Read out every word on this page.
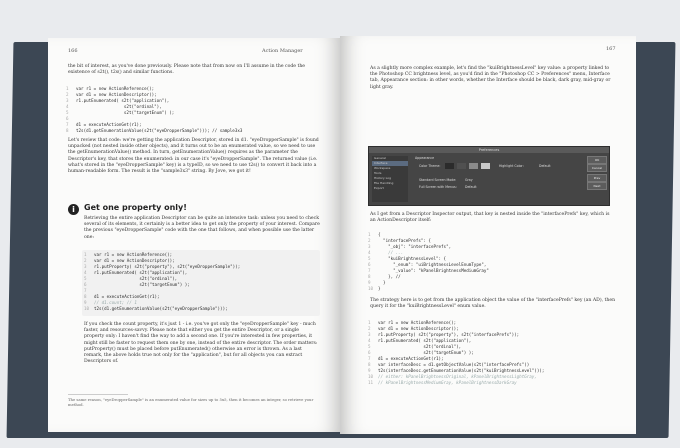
166	Action Manager
the bit of interest, as you've done previously. Please note that from now on I'll assume in the code the existence of s2t(), t2s() and similar functions.
1 var r1 = new ActionReference();
2 var d1 = new ActionDescriptor();
3 r1.putEnumerated( s2t("application"),
4                   s2t("ordinal"),
5                   s2t("targetEnum") );
6
7 d1 = executeActionGet(r1);
8 t2s(d1.getEnumerationValue(s2t("eyeDropperSample"))); // sample3x3
Let's review that code: we're getting the application Descriptor, stored in d1. "eyeDropperSample" is found unpacked (not nested inside other objects), and it turns out to be an enumerated value, so we need to use the getEnumerationValue() method. In turn, getEnumerationValue() requires as the parameter the Descriptor's key, that stores the enumerated: in our case it's "eyeDropperSample". The returned value (i.e. what's stored in the "eyeDropperSample" key) is a typeID, so we need to use t2s() to convert it back into a human-readable form. The result is the "sample3x3" string. By Jove, we got it!
i	Get one property only!
Retrieving the entire application Descriptor can be quite an intensive task: unless you need to check several of its elements, it certainly is a better idea to get only the property of your interest. Compare the previous "eyeDropperSample" code with the one that follows, and when possible use the latter one:
1 var r1 = new ActionReference();
2 var d1 = new ActionDescriptor();
3 r1.putProperty( s2t("property"), s2t("eyeDropperSample"));
4 r1.putEnumerated( s2t("application"),
5                  s2t("ordinal"),
6                  s2t("targetEnum") );
7
8 d1 = executeActionGet(r1);
9 // d1.count; // 1
10 t2s(d1.getEnumerationValue(s2t("eyeDropperSample")));
If you check the count property, it's just 1 - i.e. you've got only the "eyeDropperSample" key - much faster, and resources-savvy. Please note that either you get the entire Descriptor, or a single property only: I haven't find the way to add a second one. If you're interested in few properties, it might still be faster to request them one by one, instead of the entire descriptor. The order matters: putProperty() must be placed before putEnumerated() otherwise an error is thrown. As a last remark, the above holds true not only for the "application", but for all objects you can extract Descriptors of.
The same reason, "eyeDropperSample" is an enumerated value for sizes up to 5x5, then it becomes an integer, so retrieve your method.
167
As a slightly more complex example, let's find the "kuiBrightnessLevel" key value: a property linked to the Photoshop CC brightness level, as you'd find in the "Photoshop CC > Preferences" menu, Interface tab, Appearance section: in other words, whether the Interface should be black, dark gray, mid-gray or light gray.
Preferences
General
Interface
Workspace
Tools
History Log
File Handling
Export
Appearance
Color Theme:	Highlight Color:	Default
Standard Screen Mode:	Gray
Full Screen with Menus:	Default
OK
Cancel
Prev
Next
As I get from a Descriptor Inspector output, that key is nested inside the "interfacePrefs" key, which is an ActionDescriptor itself:
1 {
2  "interfacePrefs": {
3    "_obj": "interfacePrefs",
4    // ...
5    "kuiBrightnessLevel": {
6      "_enum": "uiBrightnessLevelEnumType",
7      "_value": "kPanelBrightnessMediumGray"
8    }, //
9  }
10 }
The strategy here is to get from the application object the value of the "interfacePrefs" key (an AD), then query it for the "kuiBrightnessLevel" enum value.
1 var r1 = new ActionReference();
2 var d1 = new ActionDescriptor();
3 r1.putProperty( s2t("property"), s2t("interfacePrefs"));
4 r1.putEnumerated( s2t("application"),
5                  s2t("ordinal"),
6                  s2t("targetEnum") );
7 d1 = executeActionGet(r1);
8 var interfaceDesc = d1.getObjectValue(s2t("interfacePrefs"))
9 t2s(interfaceDesc.getEnumerationValue(s2t("kuiBrightnessLevel")));
10 // either: kPanelBrightnessOriginal, kPanelBrightnessLightGray,
11 // kPanelBrightnessMediumGray, kPanelBrightnessDarkGray
